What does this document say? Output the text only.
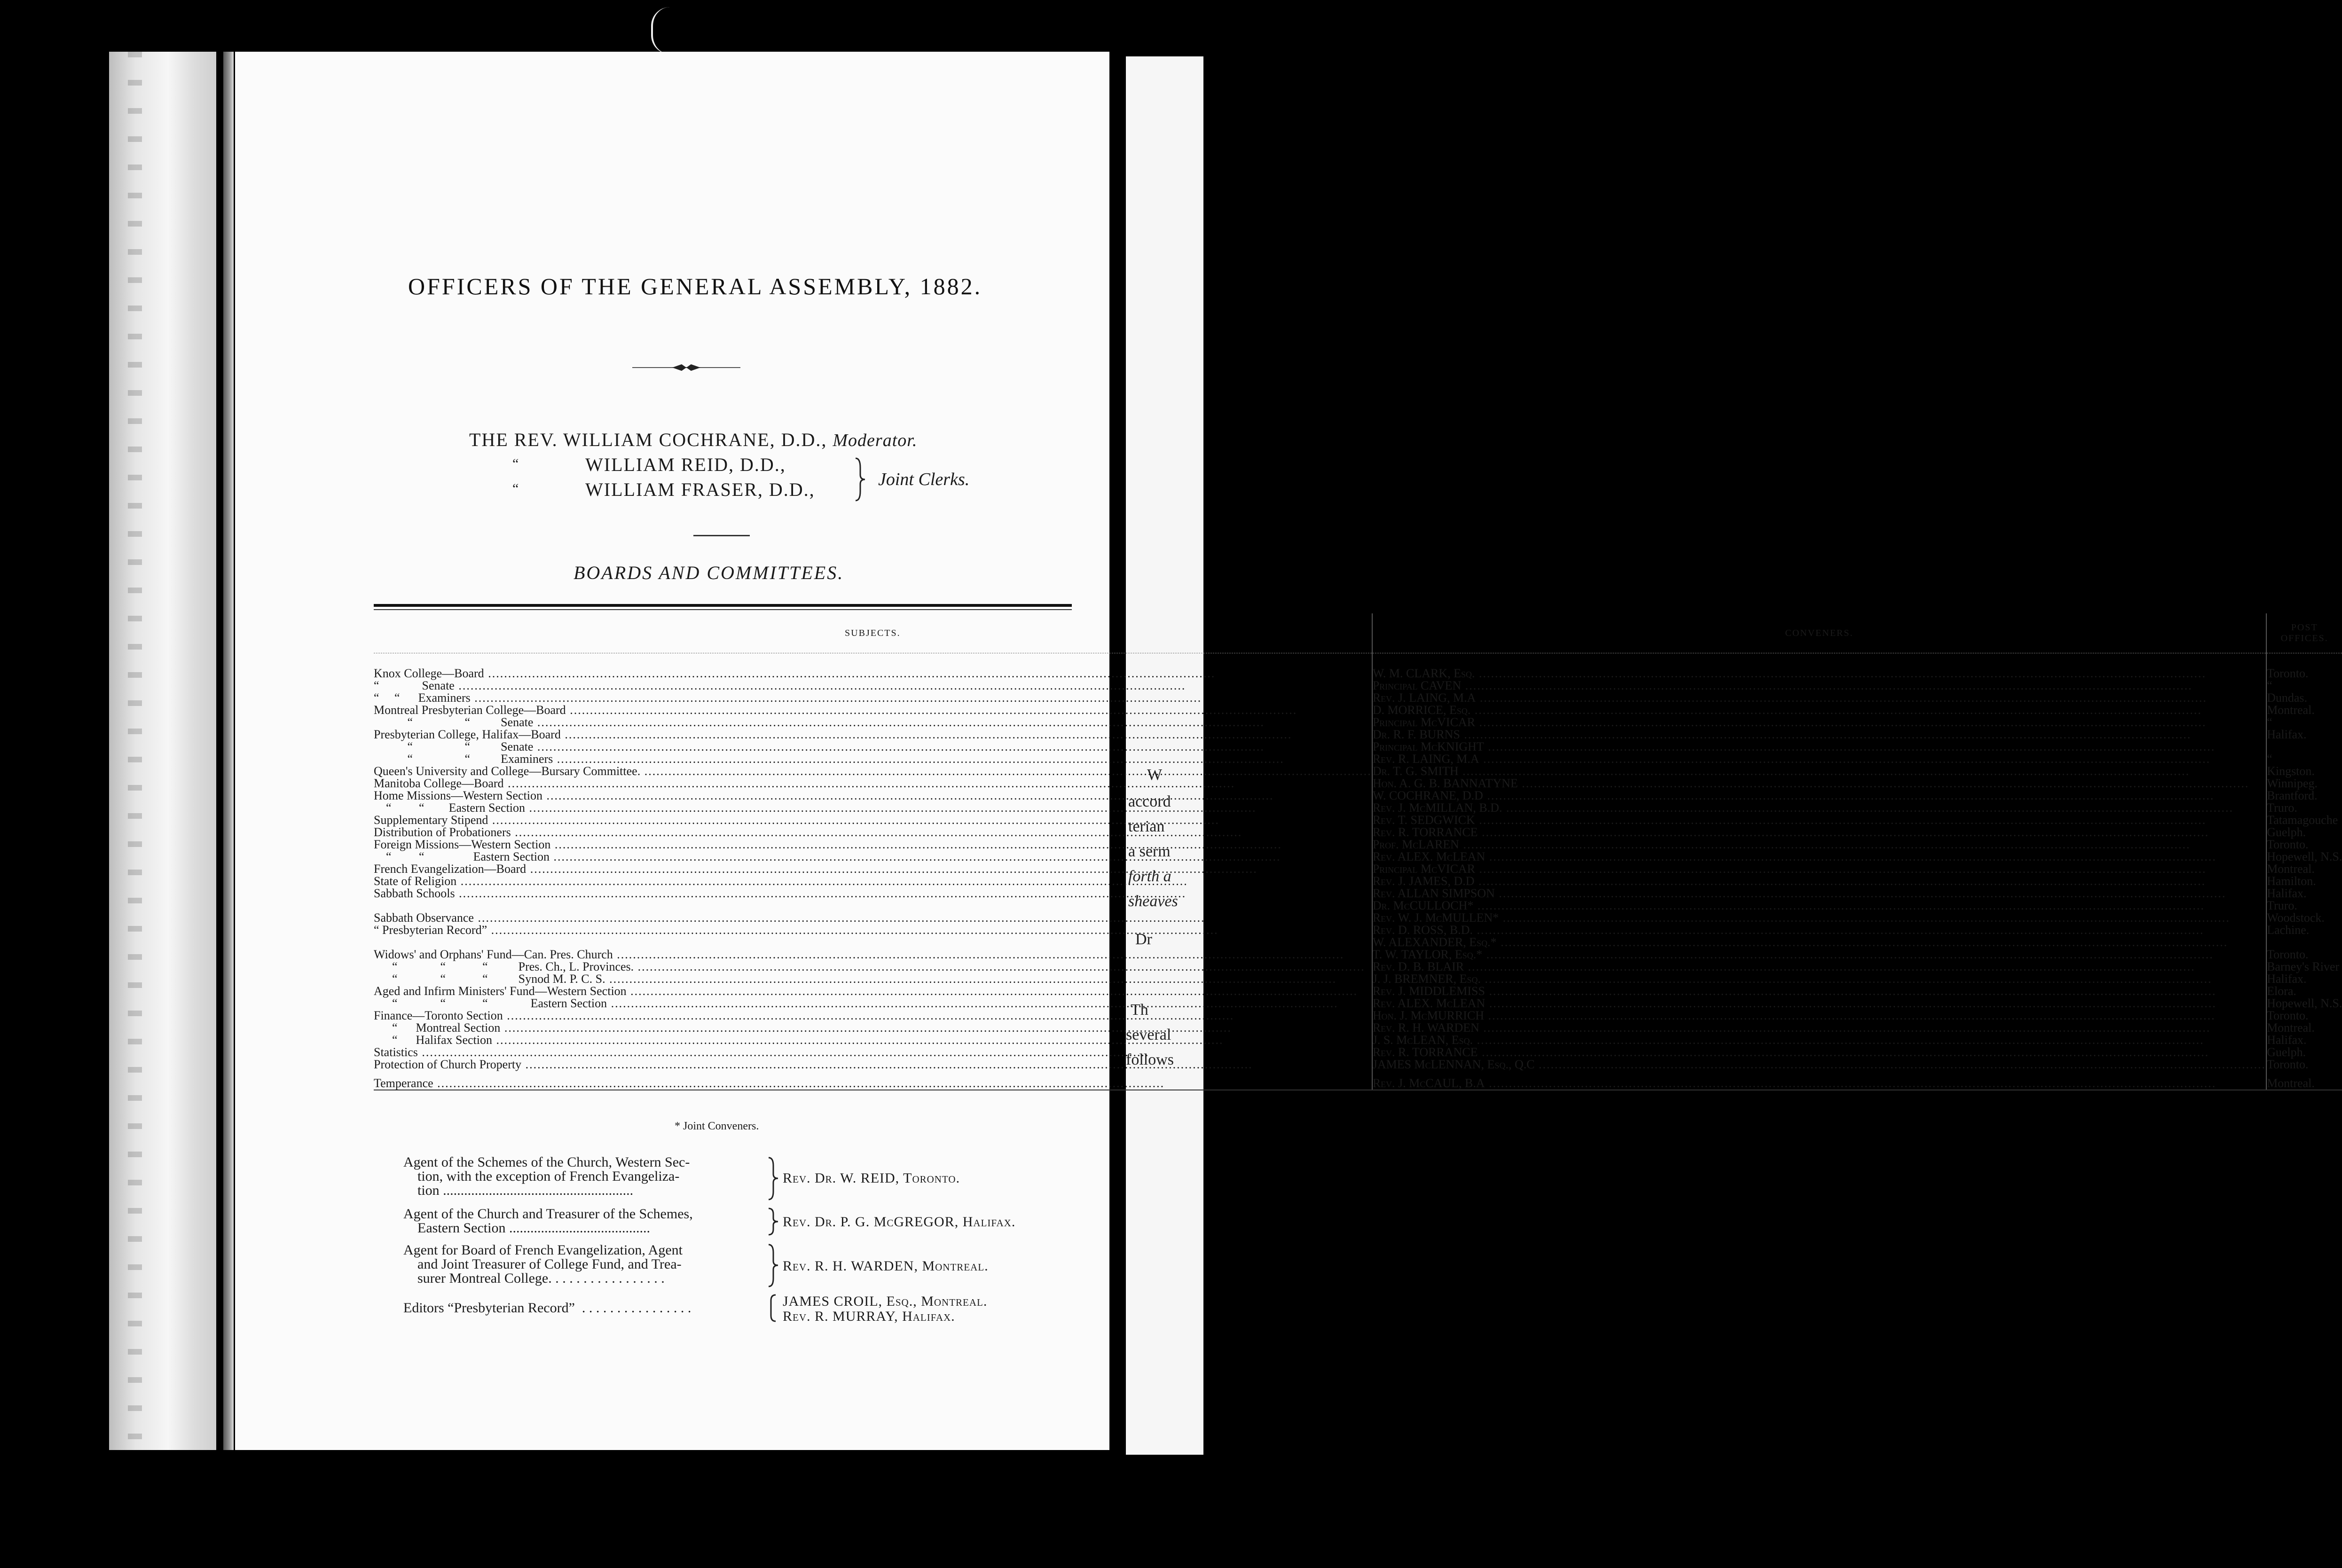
W
accord
terian
a serm
forth a
sheaves
Dr
Th
several
follows
OFFICERS OF THE GENERAL ASSEMBLY, 1882.
THE REV. WILLIAM COCHRANE, D.D., Moderator.
“	WILLIAM REID, D.D.,
“	WILLIAM FRASER, D.D.,	Joint Clerks.
BOARDS AND COMMITTEES.
SUBJECTS.	CONVENERS.	POST OFFICES.

Knox College—Board .....	W. M. CLARK, Esq. .....	Toronto.
“              Senate .....	Principal CAVEN .....	“
“     “      Examiners .....	Rev. J. LAING, M.A .....	Dundas.
Montreal Presbyterian College—Board .....	D. MORRICE, Esq. .....	Montreal.
“                 “          Senate .....	Principal McVICAR .....	“
Presbyterian College, Halifax—Board .....	Dr. R. F. BURNS .....	Halifax.
“                 “          Senate .....	Principal McKNIGHT .....	
“                 “          Examiners .....	Rev. R. LAING, M.A .....	“
Queen's University and College—Bursary Committee. .....	Dr. T. G. SMITH .....	Kingston.
Manitoba College—Board .....	Hon. A. G. B. BANNATYNE .....	Winnipeg.
Home Missions—Western Section .....	W. COCHRANE, D.D .....	Brantford.
“         “        Eastern Section .....	Rev. J. McMILLAN, B.D. .....	Truro.
Supplementary Stipend .....	Rev. T. SEDGWICK .....	Tatamagouche
Distribution of Probationers .....	Rev. R. TORRANCE .....	Guelph.
Foreign Missions—Western Section .....	Prof. McLAREN .....	Toronto.
“         “                Eastern Section .....	Rev. ALEX. McLEAN .....	Hopewell, N.S.
French Evangelization—Board .....	Principal McVICAR .....	Montreal.
State of Religion .....	Rev. J. JAMES, D.D .....	Hamilton.
Sabbath Schools .....	Rev. ALLAN SIMPSON .....	Halifax.
	Dr. McCULLOCH* .....	Truro.
Sabbath Observance .....	Rev. W. J. McMULLEN* .....	Woodstock.
“ Presbyterian Record” .....	Rev. D. ROSS, B.D. .....	Lachine.
	W. ALEXANDER, Esq.* .....	
Widows' and Orphans' Fund—Can. Pres. Church .....	T. W. TAYLOR, Esq.* .....	Toronto.
“              “            “          Pres. Ch., L. Provinces. .....	Rev. D. B. BLAIR .....	Barney's River
“              “            “          Synod M. P. C. S. .....	J. J. BREMNER, Esq. .....	Halifax.
Aged and Infirm Ministers' Fund—Western Section .....	Rev. J. MIDDLEMISS .....	Elora.
“              “            “              Eastern Section .....	Rev. ALEX. McLEAN .....	Hopewell, N.S.
Finance—Toronto Section .....	Hon. J. McMURRICH .....	Toronto.
“      Montreal Section .....	Rev. R. H. WARDEN .....	Montreal.
“      Halifax Section .....	J. S. McLEAN, Esq. .....	Halifax.
Statistics .....	Rev. R. TORRANCE .....	Guelph.
Protection of Church Property .....	JAMES McLENNAN, Esq., Q.C .....	Toronto.
Temperance .....	Rev. J. McCAUL, B.A .....	Montreal.
* Joint Conveners.
Agent of the Schemes of the Church, Western Sec-
tion, with the exception of French Evangeliza-
tion ......................................................
Rev. Dr. W. REID, Toronto.
Agent of the Church and Treasurer of the Schemes,
Eastern Section ........................................	Rev. Dr. P. G. McGREGOR, Halifax.
Agent for Board of French Evangelization, Agent
and Joint Treasurer of College Fund, and Trea-
surer Montreal College. . . . . . . . . . . . . . . . .
Rev. R. H. WARDEN, Montreal.
Editors “Presbyterian Record”  . . . . . . . . . . . . . . . .	JAMES CROIL, Esq., Montreal.
Rev. R. MURRAY, Halifax.
